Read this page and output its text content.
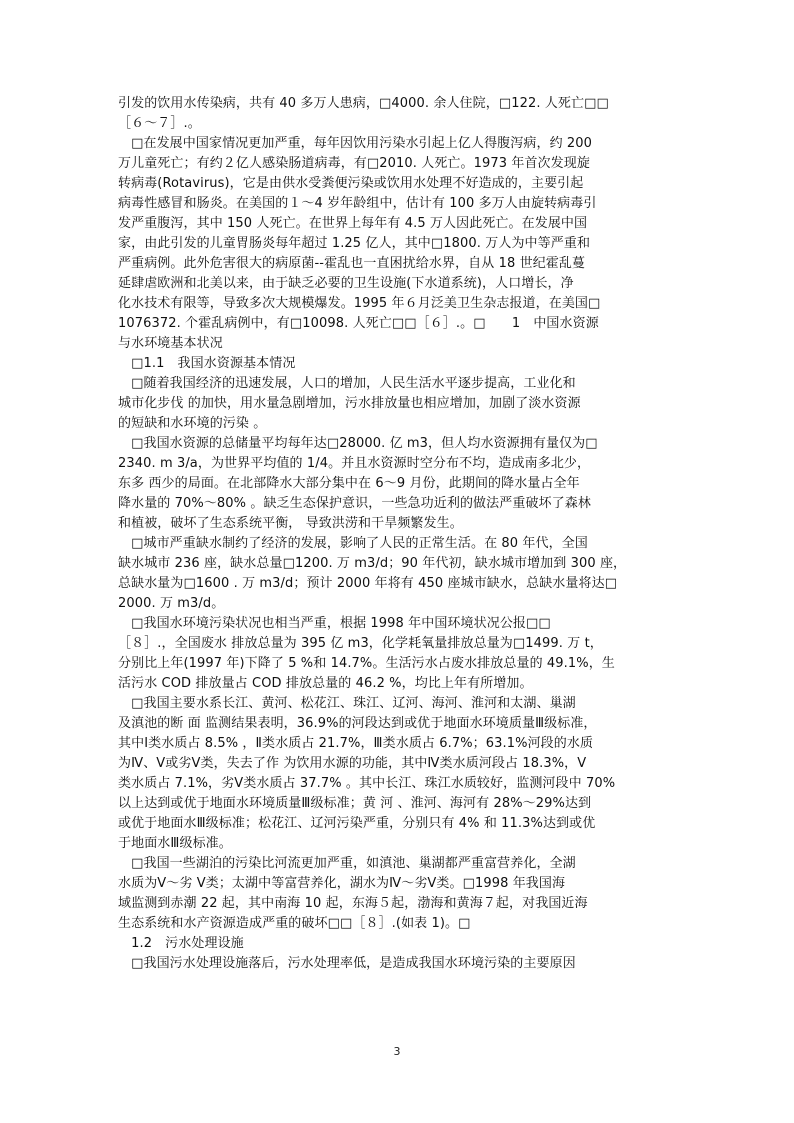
引发的饮用水传染病，共有 40 多万人患病，□4000. 余人住院，□122. 人死亡□□
［６～７］.。
　□在发展中国家情况更加严重，每年因饮用污染水引起上亿人得腹泻病，约 200
万儿童死亡；有约２亿人感染肠道病毒，有□2010. 人死亡。1973 年首次发现旋
转病毒(Rotavirus)，它是由供水受粪便污染或饮用水处理不好造成的，主要引起
病毒性感冒和肠炎。在美国的１～4 岁年龄组中，估计有 100 多万人由旋转病毒引
发严重腹泻，其中 150 人死亡。在世界上每年有 4.5 万人因此死亡。在发展中国
家，由此引发的儿童胃肠炎每年超过 1.25 亿人，其中□1800. 万人为中等严重和
严重病例。此外危害很大的病原菌--霍乱也一直困扰给水界，自从 18 世纪霍乱蔓
延肆虐欧洲和北美以来，由于缺乏必要的卫生设施(下水道系统)，人口增长，净
化水技术有限等，导致多次大规模爆发。1995 年６月泛美卫生杂志报道，在美国□
1076372. 个霍乱病例中，有□10098. 人死亡□□［６］.。□　　1　中国水资源
与水环境基本状况
　□1.1　我国水资源基本情况
　□随着我国经济的迅速发展，人口的增加，人民生活水平逐步提高，工业化和
城市化步伐 的加快，用水量急剧增加，污水排放量也相应增加，加剧了淡水资源
的短缺和水环境的污染 。
　□我国水资源的总储量平均每年达□28000. 亿 m3，但人均水资源拥有量仅为□
2340. m 3/a，为世界平均值的 1/4。并且水资源时空分布不均，造成南多北少，
东多 西少的局面。在北部降水大部分集中在 6～9 月份，此期间的降水量占全年
降水量的 70%～80% 。缺乏生态保护意识，一些急功近利的做法严重破坏了森林
和植被，破坏了生态系统平衡， 导致洪涝和干旱频繁发生。
　□城市严重缺水制约了经济的发展，影响了人民的正常生活。在 80 年代，全国
缺水城市 236 座，缺水总量□1200. 万 m3/d；90 年代初，缺水城市增加到 300 座，
总缺水量为□1600 . 万 m3/d；预计 2000 年将有 450 座城市缺水，总缺水量将达□
2000. 万 m3/d。
　□我国水环境污染状况也相当严重，根据 1998 年中国环境状况公报□□
［８］.，全国废水 排放总量为 395 亿 m3，化学耗氧量排放总量为□1499. 万 t，
分别比上年(1997 年)下降了 5 %和 14.7%。生活污水占废水排放总量的 49.1%，生
活污水 COD 排放量占 COD 排放总量的 46.2 %，均比上年有所增加。
　□我国主要水系长江、黄河、松花江、珠江、辽河、海河、淮河和太湖、巢湖
及滇池的断 面 监测结果表明，36.9%的河段达到或优于地面水环境质量Ⅲ级标准，
其中Ⅰ类水质占 8.5% ，Ⅱ类水质占 21.7%，Ⅲ类水质占 6.7%；63.1%河段的水质
为Ⅳ、Ⅴ或劣Ⅴ类，失去了作 为饮用水源的功能，其中Ⅳ类水质河段占 18.3%，Ⅴ
类水质占 7.1%，劣Ⅴ类水质占 37.7% 。其中长江、珠江水质较好，监测河段中 70%
以上达到或优于地面水环境质量Ⅲ级标准；黄 河 、淮河、海河有 28%～29%达到
或优于地面水Ⅲ级标准；松花江、辽河污染严重，分别只有 4% 和 11.3%达到或优
于地面水Ⅲ级标准。
　□我国一些湖泊的污染比河流更加严重，如滇池、巢湖都严重富营养化，全湖
水质为Ⅴ～劣 Ⅴ类；太湖中等富营养化，湖水为Ⅳ～劣Ⅴ类。□1998 年我国海
域监测到赤潮 22 起，其中南海 10 起，东海５起，渤海和黄海７起，对我国近海
生态系统和水产资源造成严重的破坏□□［８］.(如表 1)。□
　1.2　污水处理设施
　□我国污水处理设施落后，污水处理率低，是造成我国水环境污染的主要原因
3
